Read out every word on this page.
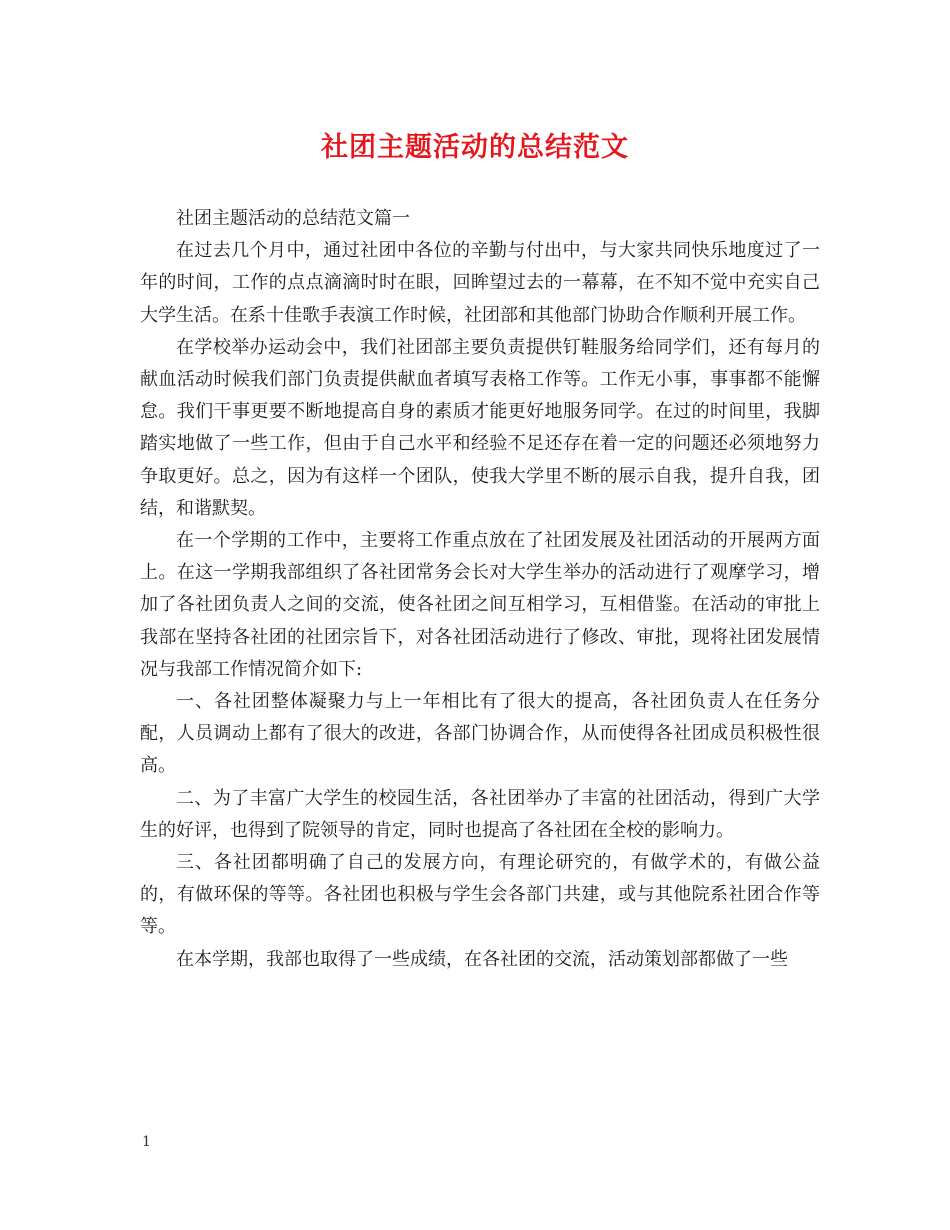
社团主题活动的总结范文

社团主题活动的总结范文篇一

在过去几个月中，通过社团中各位的辛勤与付出中，与大家共同快乐地度过了一年的时间，工作的点点滴滴时时在眼，回眸望过去的一幕幕，在不知不觉中充实自己大学生活。在系十佳歌手表演工作时候，社团部和其他部门协助合作顺利开展工作。

在学校举办运动会中，我们社团部主要负责提供钉鞋服务给同学们，还有每月的献血活动时候我们部门负责提供献血者填写表格工作等。工作无小事，事事都不能懈怠。我们干事更要不断地提高自身的素质才能更好地服务同学。在过的时间里，我脚踏实地做了一些工作，但由于自己水平和经验不足还存在着一定的问题还必须地努力争取更好。总之，因为有这样一个团队，使我大学里不断的展示自我，提升自我，团结，和谐默契。

在一个学期的工作中，主要将工作重点放在了社团发展及社团活动的开展两方面上。在这一学期我部组织了各社团常务会长对大学生举办的活动进行了观摩学习，增加了各社团负责人之间的交流，使各社团之间互相学习，互相借鉴。在活动的审批上我部在坚持各社团的社团宗旨下，对各社团活动进行了修改、审批，现将社团发展情况与我部工作情况简介如下:

一、各社团整体凝聚力与上一年相比有了很大的提高，各社团负责人在任务分配，人员调动上都有了很大的改进，各部门协调合作，从而使得各社团成员积极性很高。

二、为了丰富广大学生的校园生活，各社团举办了丰富的社团活动，得到广大学生的好评，也得到了院领导的肯定，同时也提高了各社团在全校的影响力。

三、各社团都明确了自己的发展方向，有理论研究的，有做学术的，有做公益的，有做环保的等等。各社团也积极与学生会各部门共建，或与其他院系社团合作等等。

在本学期，我部也取得了一些成绩，在各社团的交流，活动策划部都做了一些

1
